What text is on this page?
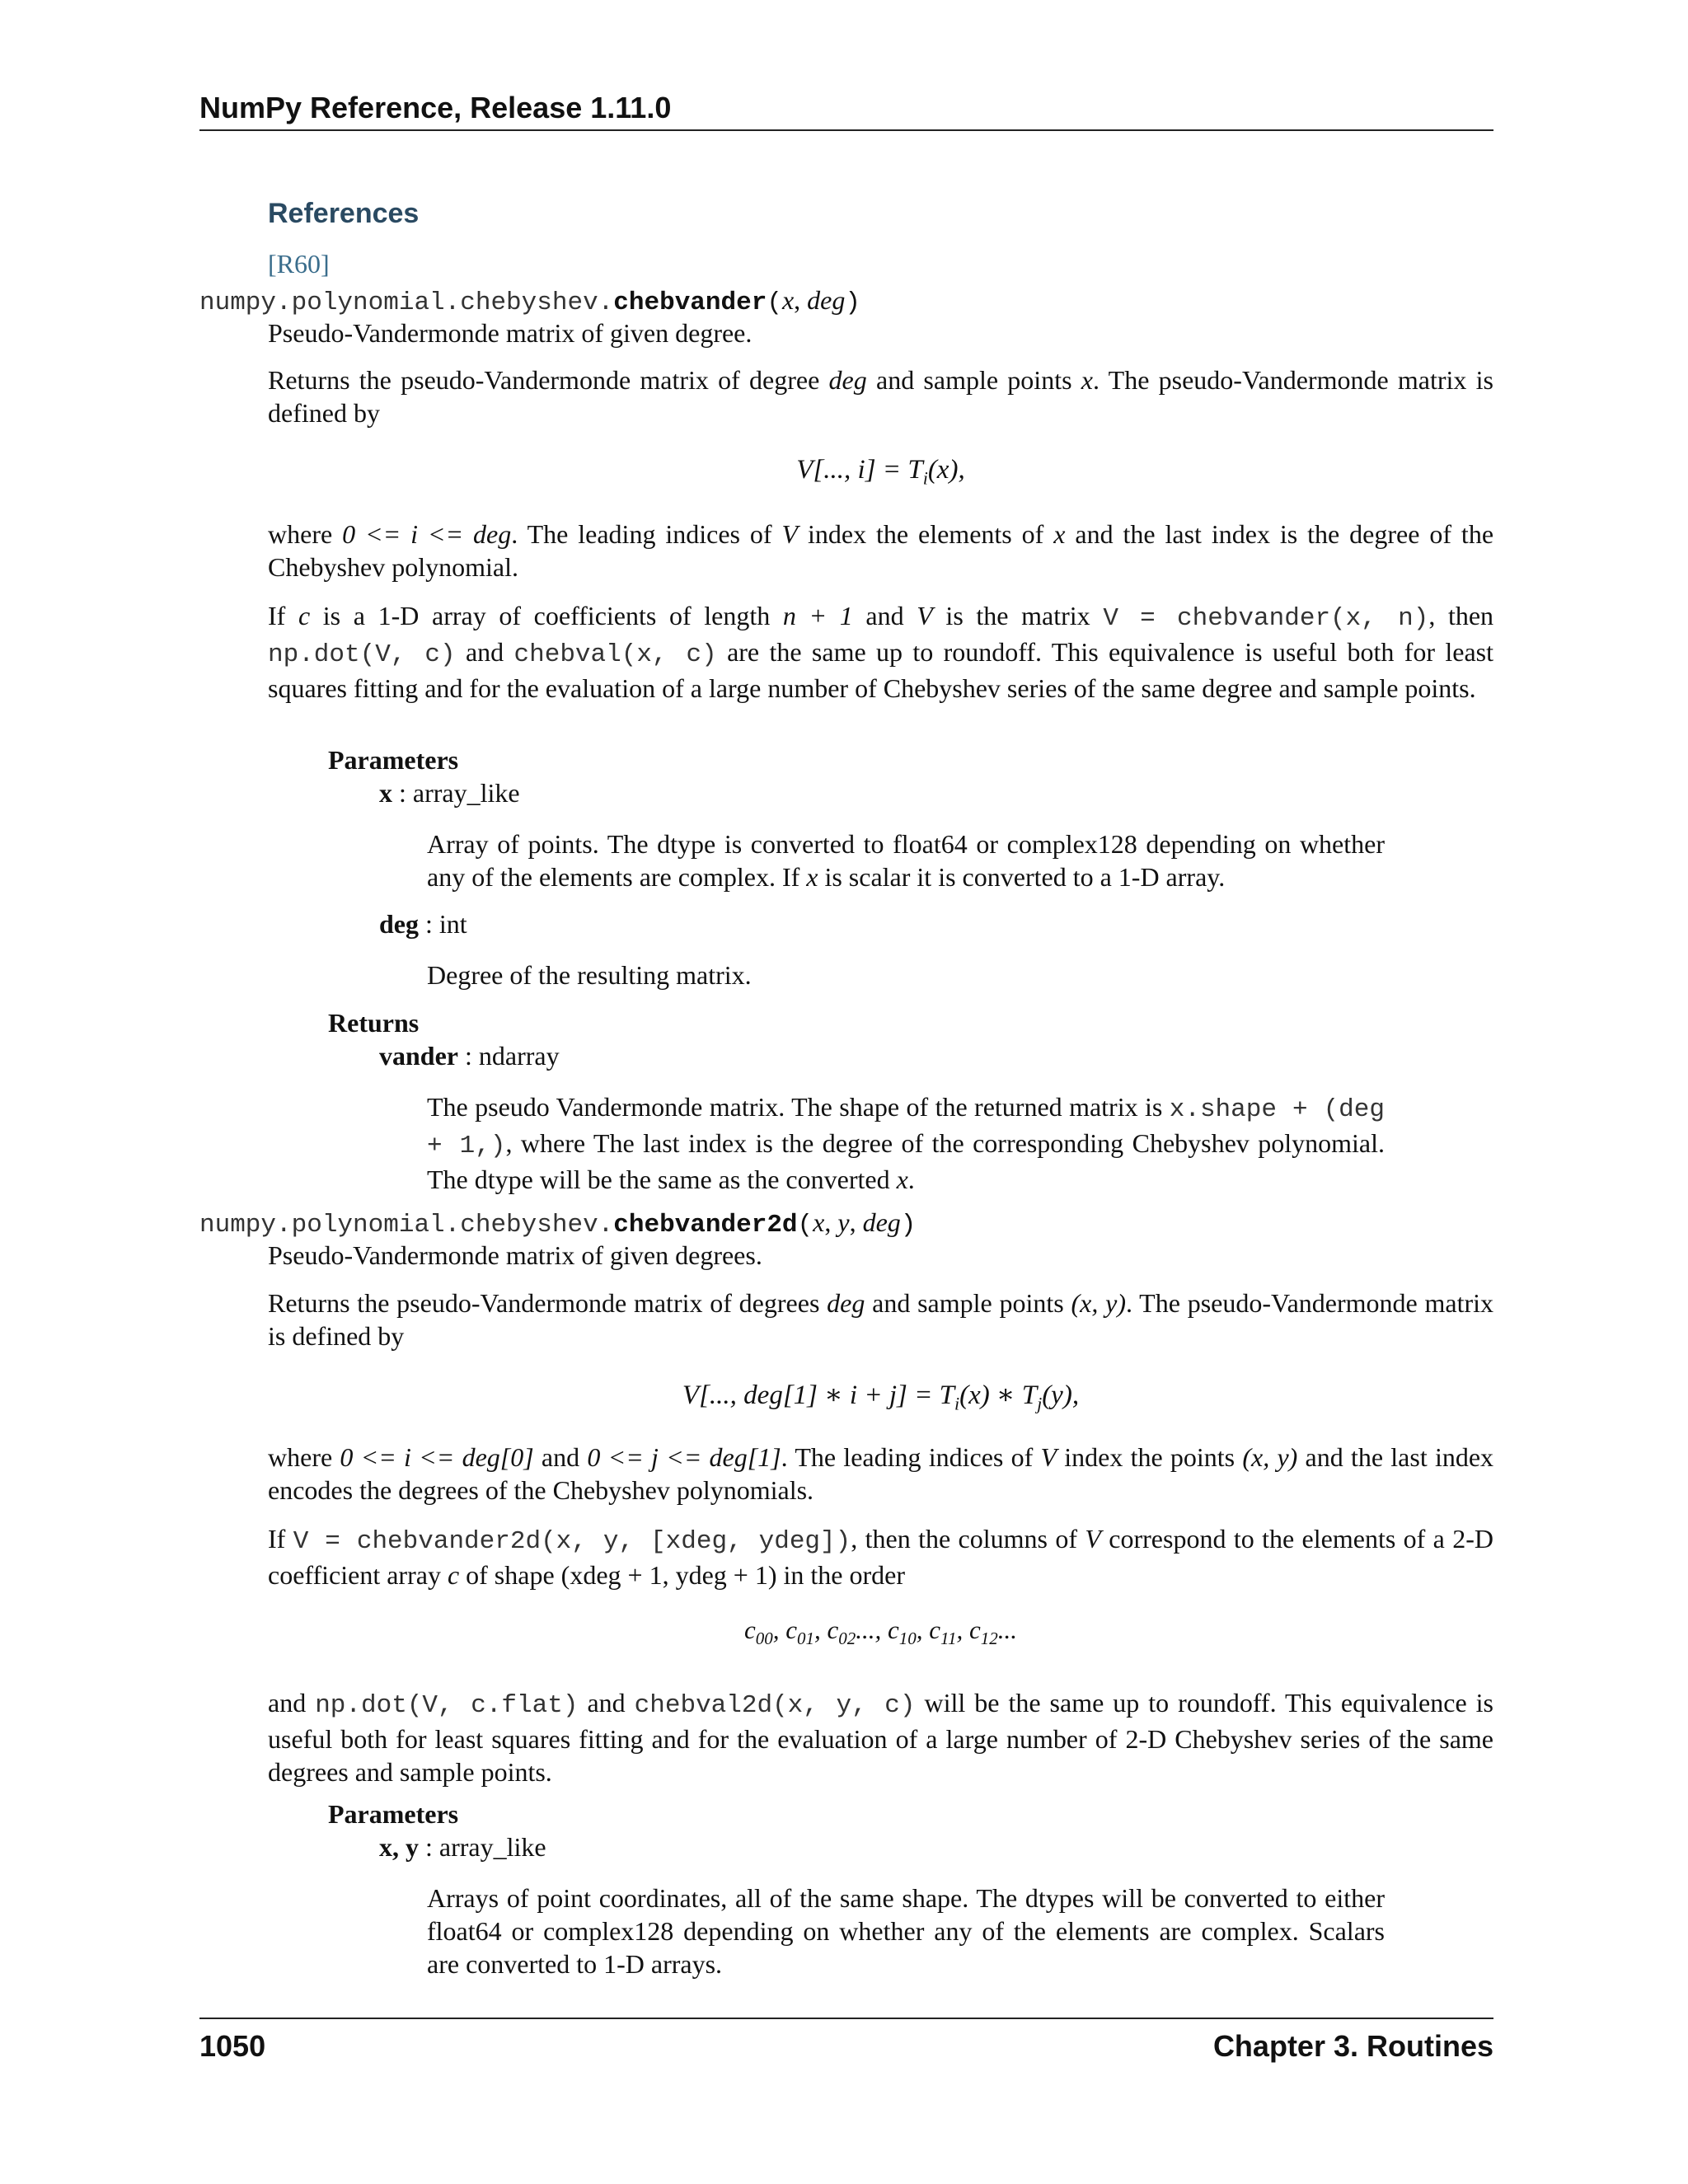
NumPy Reference, Release 1.11.0
References
[R60]
numpy.polynomial.chebyshev.chebvander(x, deg)
Pseudo-Vandermonde matrix of given degree.
Returns the pseudo-Vandermonde matrix of degree deg and sample points x. The pseudo-Vandermonde matrix is defined by
V[..., $i] = T_i(x)$,
where 0 <= i <= deg. The leading indices of V index the elements of x and the last index is the degree of the Chebyshev polynomial.
If c is a 1-D array of coefficients of length n + 1 and V is the matrix V = chebvander(x, n), then np.dot(V, c) and chebval(x, c) are the same up to roundoff. This equivalence is useful both for least squares fitting and for the evaluation of a large number of Chebyshev series of the same degree and sample points.
Parameters
x : array_like
Array of points. The dtype is converted to float64 or complex128 depending on whether any of the elements are complex. If x is scalar it is converted to a 1-D array.
deg : int
Degree of the resulting matrix.
Returns
vander : ndarray
The pseudo Vandermonde matrix. The shape of the returned matrix is x.shape + (deg + 1,), where The last index is the degree of the corresponding Chebyshev polynomial. The dtype will be the same as the converted x.
numpy.polynomial.chebyshev.chebvander2d(x, y, deg)
Pseudo-Vandermonde matrix of given degrees.
Returns the pseudo-Vandermonde matrix of degrees deg and sample points (x, y). The pseudo-Vandermonde matrix is defined by
V[..., deg[1] ∗ $i + j] = T_i(x)$ ∗ $T_j(y)$,
where 0 <= i <= deg[0] and 0 <= j <= deg[1]. The leading indices of V index the points (x, y) and the last index encodes the degrees of the Chebyshev polynomials.
If V = chebvander2d(x, y, [xdeg, ydeg]), then the columns of V correspond to the elements of a 2-D coefficient array c of shape (xdeg + 1, ydeg + 1) in the order
$c_{00}$, $c_{01}$, $c_{02}$..., $c_{10}$, $c_{11}$, $c_{12}$...
and np.dot(V, c.flat) and chebval2d(x, y, c) will be the same up to roundoff. This equivalence is useful both for least squares fitting and for the evaluation of a large number of 2-D Chebyshev series of the same degrees and sample points.
Parameters
x, y : array_like
Arrays of point coordinates, all of the same shape. The dtypes will be converted to either float64 or complex128 depending on whether any of the elements are complex. Scalars are converted to 1-D arrays.
1050	Chapter 3. Routines
